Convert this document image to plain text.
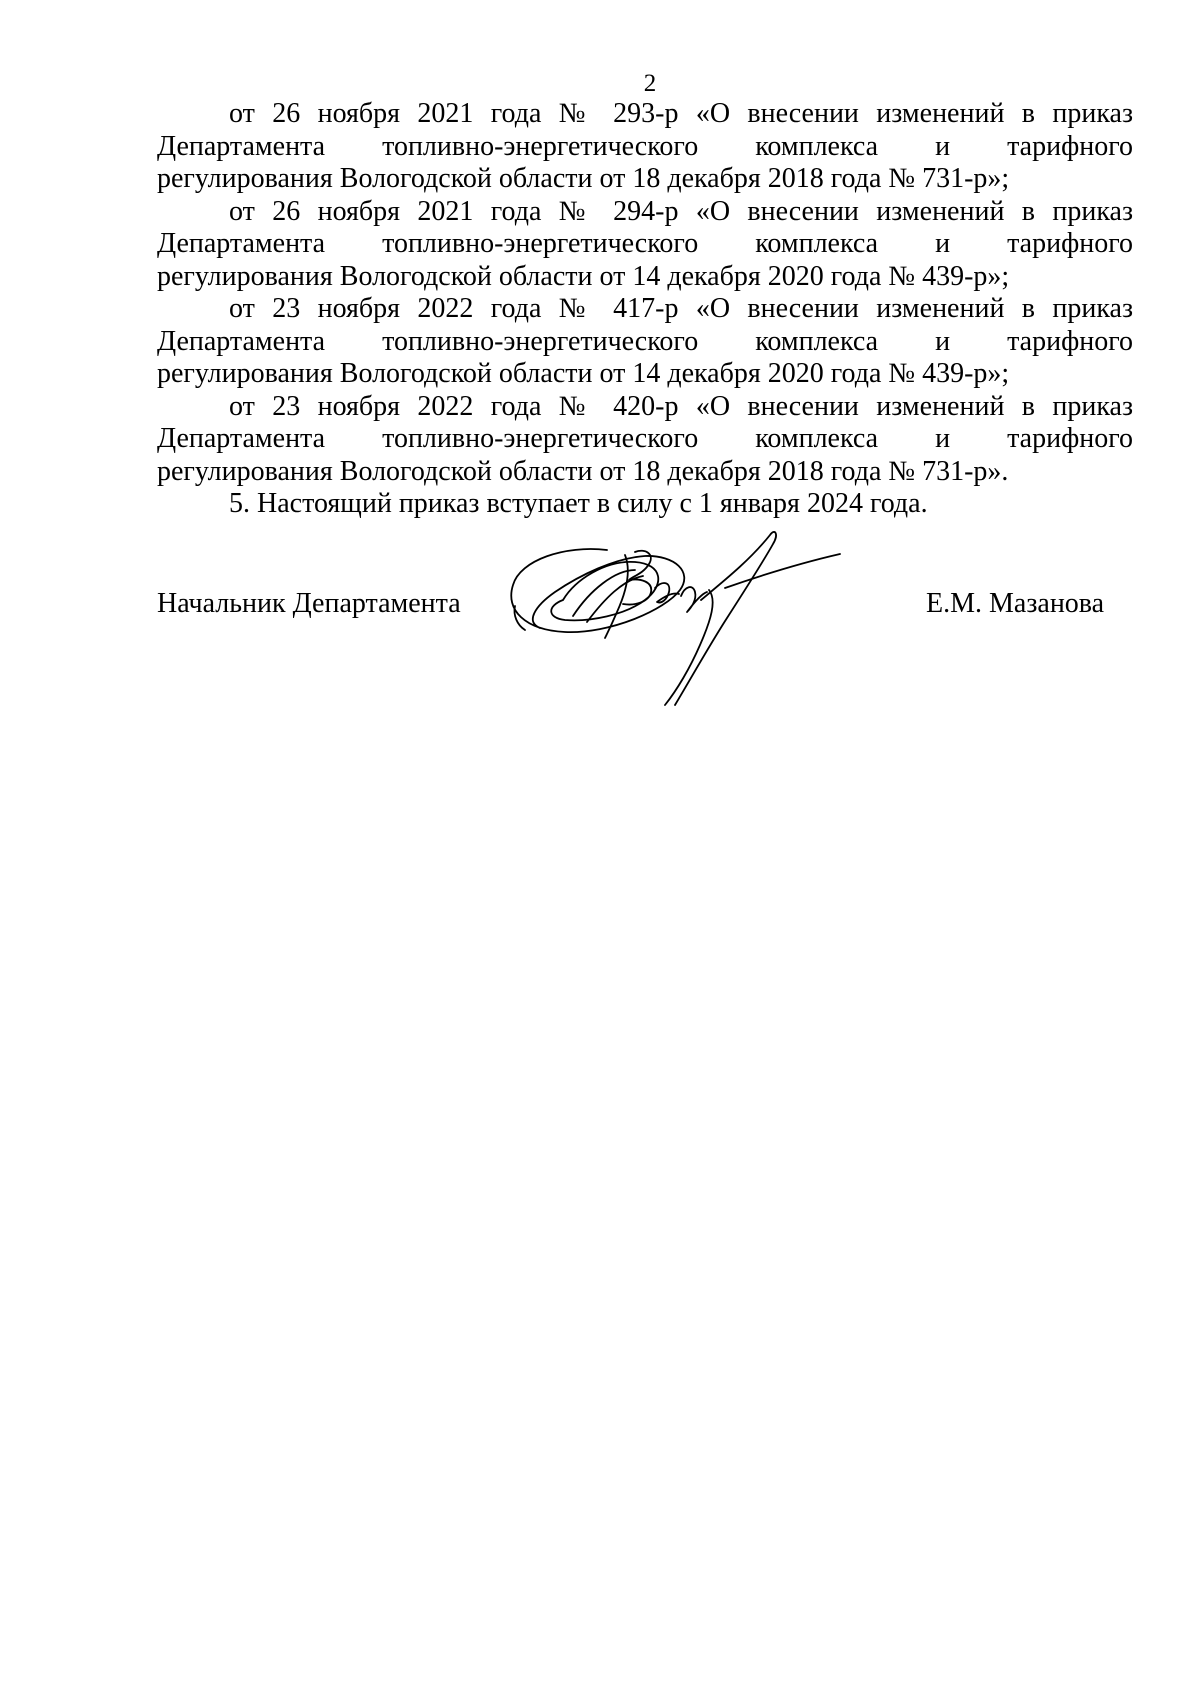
2

от 26 ноября 2021 года № 293-р «О внесении изменений в приказ
Департамента топливно-энергетического комплекса и тарифного
регулирования Вологодской области от 18 декабря 2018 года № 731-р»;

от 26 ноября 2021 года № 294-р «О внесении изменений в приказ
Департамента топливно-энергетического комплекса и тарифного
регулирования Вологодской области от 14 декабря 2020 года № 439-р»;

от 23 ноября 2022 года № 417-р «О внесении изменений в приказ
Департамента топливно-энергетического комплекса и тарифного
регулирования Вологодской области от 14 декабря 2020 года № 439-р»;

от 23 ноября 2022 года № 420-р «О внесении изменений в приказ
Департамента топливно-энергетического комплекса и тарифного
регулирования Вологодской области от 18 декабря 2018 года № 731-р».

5. Настоящий приказ вступает в силу с 1 января 2024 года.

Начальник Департамента	Е.М. Мазанова
